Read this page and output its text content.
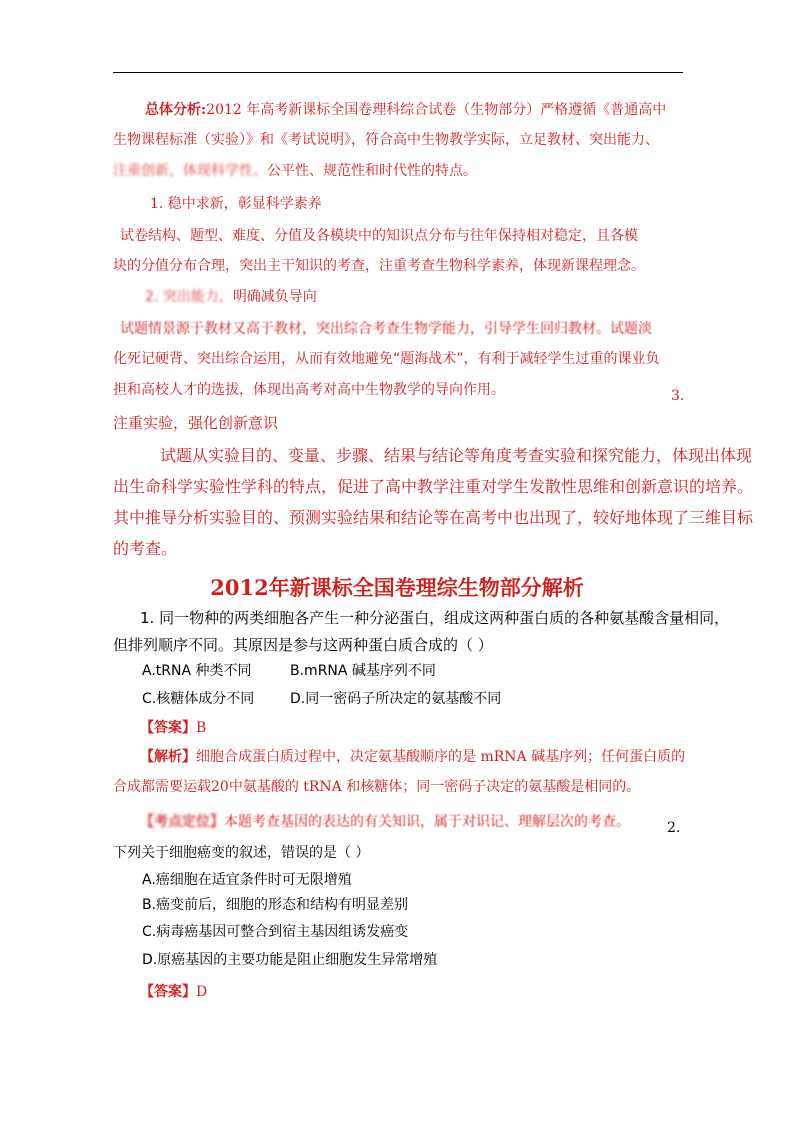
总体分析:2012 年高考新课标全国卷理科综合试卷（生物部分）严格遵循《普通高中
生物课程标准（实验）》和《考试说明》，符合高中生物教学实际，立足教材、突出能力、
注重创新，体现科学性、公平性、规范性和时代性的特点。
1. 稳中求新，彰显科学素养
试卷结构、题型、难度、分值及各模块中的知识点分布与往年保持相对稳定，且各模
块的分值分布合理，突出主干知识的考查，注重考查生物科学素养，体现新课程理念。
2. 突出能力，明确减负导向
试题情景源于教材又高于教材，突出综合考查生物学能力，引导学生回归教材。试题淡
化死记硬背、突出综合运用，从而有效地避免“题海战术”，有利于减轻学生过重的课业负
担和高校人才的选拔，体现出高考对高中生物教学的导向作用。	3.
注重实验，强化创新意识
试题从实验目的、变量、步骤、结果与结论等角度考查实验和探究能力，体现出体现
出生命科学实验性学科的特点，促进了高中教学注重对学生发散性思维和创新意识的培养。
其中推导分析实验目的、预测实验结果和结论等在高考中也出现了，较好地体现了三维目标
的考查。
2012年新课标全国卷理综生物部分解析
1. 同一物种的两类细胞各产生一种分泌蛋白，组成这两种蛋白质的各种氨基酸含量相同，
但排列顺序不同。其原因是参与这两种蛋白质合成的（ ）
A.tRNA 种类不同	B.mRNA 碱基序列不同
C.核糖体成分不同	D.同一密码子所决定的氨基酸不同
【答案】B
【解析】细胞合成蛋白质过程中，决定氨基酸顺序的是 mRNA 碱基序列；任何蛋白质的
合成都需要运载20中氨基酸的 tRNA 和核糖体；同一密码子决定的氨基酸是相同的。
【考点定位】本题考查基因的表达的有关知识，属于对识记、理解层次的考查。	2.
下列关于细胞癌变的叙述，错误的是（ ）
A.癌细胞在适宜条件时可无限增殖
B.癌变前后，细胞的形态和结构有明显差别
C.病毒癌基因可整合到宿主基因组诱发癌变
D.原癌基因的主要功能是阻止细胞发生异常增殖
【答案】D
